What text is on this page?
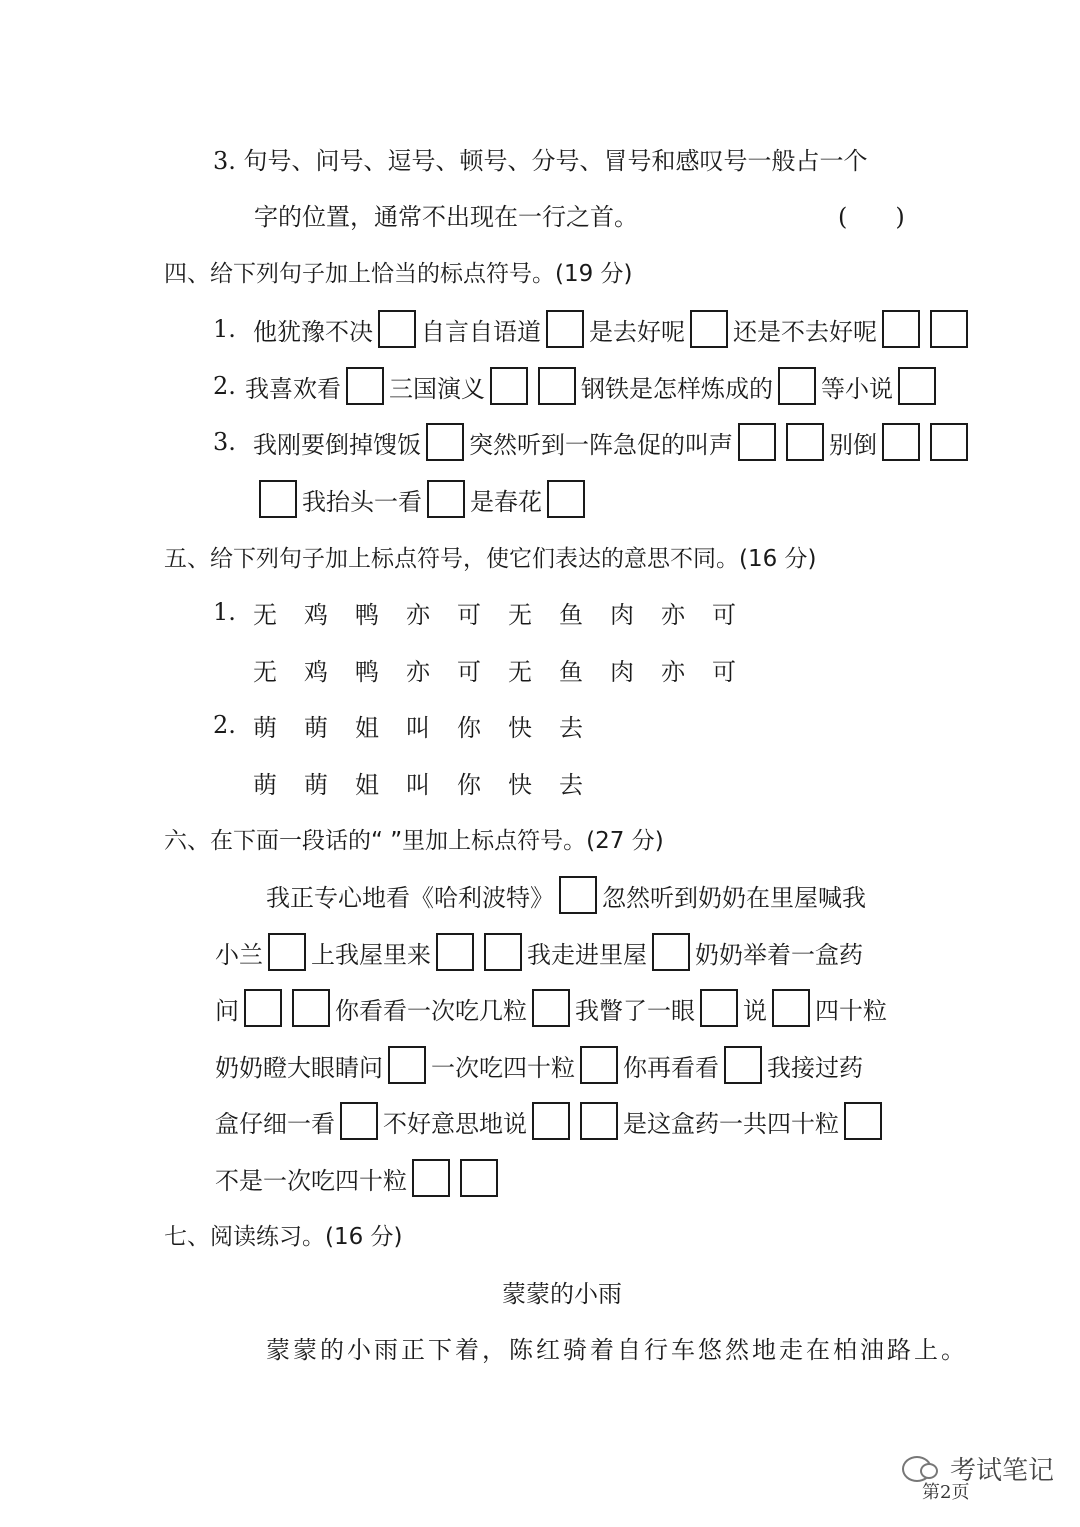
3. 句号、问号、逗号、顿号、分号、冒号和感叹号一般占一个
字的位置，通常不出现在一行之首。	(　　)
四、给下列句子加上恰当的标点符号。(19 分)
1. 他犹豫不决 自言自语道 是去好呢 还是不去好呢
2. 我喜欢看 三国演义	钢铁是怎样炼成的 等小说
3. 我刚要倒掉馊饭 突然听到一阵急促的叫声	别倒
我抬头一看 是春花
五、给下列句子加上标点符号，使它们表达的意思不同。(16 分)
1. 无	鸡	鸭	亦	可	无	鱼	肉	亦	可
无	鸡	鸭	亦	可	无	鱼	肉	亦	可
2. 萌	萌	姐	叫	你	快	去
萌	萌	姐	叫	你	快	去
六、在下面一段话的“ ”里加上标点符号。(27 分)
我正专心地看《哈利波特》 忽然听到奶奶在里屋喊我
小兰 上我屋里来	我走进里屋 奶奶举着一盒药
问	你看看一次吃几粒 我瞥了一眼 说 四十粒
奶奶瞪大眼睛问 一次吃四十粒 你再看看 我接过药
盒仔细一看 不好意思地说	是这盒药一共四十粒
不是一次吃四十粒
七、阅读练习。(16 分)
蒙蒙的小雨
蒙蒙的小雨正下着，陈红骑着自行车悠然地走在柏油路上。
考试笔记
第2页
